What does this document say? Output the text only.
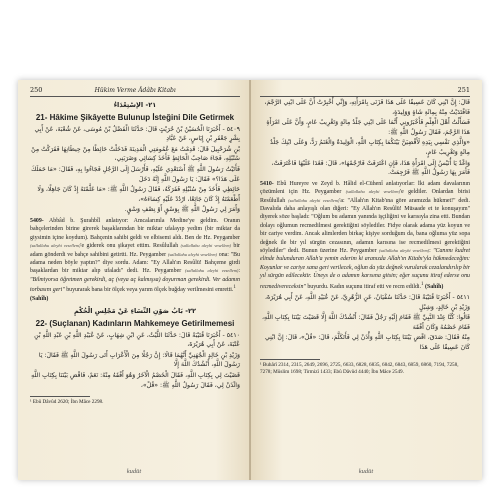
250	Hükim Verme Âdâbı Kitabı
٢١- الإسْتِعْدَاءُ
21- Hâkime Şikâyette Bulunup İsteğini Dile Getirmek
٥٤٠٩ - أَخْبَرَنَا الْحُسَيْنُ بْنُ حُرَيْثٍ قَالَ: حَدَّثَنَا الْفَضْلُ بْنُ مُوسَى، عَنْ شُعْبَةَ، عَنْ أَبِي بِشْرٍ جَعْفَرِ بْنِ إِيَاسٍ، عَنْ عَبَّادِ
بْنِ شُرَحْبِيلَ قَالَ: قَدِمْتُ مَعَ عُمُومَتِي الْمَدِينَةَ فَدَخَلْتُ حَائِطًا مِنْ حِيطَانِهَا فَفَرَكْتُ مِنْ سُنْبُلِهِ، فَجَاءَ صَاحِبُ الْحَائِطِ فَأَخَذَ كِسَائِي وَضَرَبَنِي،
فَأَتَيْتُ رَسُولَ اللَّهِ ﷺ أَسْتَعْدِي عَلَيْهِ، فَأَرْسَلَ إِلَى الرَّجُلِ فَجَاءُوا بِهِ، فَقَالَ: «مَا حَمَلَكَ عَلَى هَذَا؟» فَقَالَ: يَا رَسُولَ اللَّهِ إِنَّهُ دَخَلَ
حَائِطِي فَأَخَذَ مِنْ سُنْبُلِهِ فَفَرَكَهُ، فَقَالَ رَسُولُ اللَّهِ ﷺ: «مَا عَلَّمْتَهُ إِذْ كَانَ جَاهِلًا، وَلَا أَطْعَمْتَهُ إِذْ كَانَ جَائِعًا، ارْدُدْ عَلَيْهِ كِسَاءَهُ»،
وَأَمَرَ لِي رَسُولُ اللَّهِ ﷺ بِوَسْقٍ أَوْ نِصْفِ وَسْقٍ.

5409- Abbâd b. Şurahbîl anlatıyor: Amcalarımla Medine'ye geldim. Oranın bahçelerinden birine girerek başaklarından bir miktar ufalayıp yedim (bir miktar da giysimin içine koydum). Bahçenin sahibi geldi ve elbisemi aldı. Ben de Hz. Peygamber (sallallahu aleyhi vesellem)'e giderek onu şikayet ettim. Resûlullah (sallallahu aleyhi vesellem) bir adam gönderdi ve bahçe sahibini getirtti. Hz. Peygamber (sallallahu aleyhi vesellem) ona: "Bu adama neden böyle yaptın?" diye sordu. Adam: "Ey Allah'ın Resûlü! Bahçeme girdi başaklardan bir miktar alıp ufaladı" dedi. Hz. Peygamber (sallallahu aleyhi vesellem): "Bilmiyorsa öğretmen gerekirdi, aç (veya aç kalmışsa) doyurman gerekirdi. Ver adamın torbasını geri" buyurarak bana bir ölçek veya yarım ölçek buğday verilmesini emretti.$^1$
(Sahîh)

٢٢- بَابُ صَوْنِ النِّسَاءِ عَنْ مَجْلِسِ الْحُكْمِ
22- (Suçlanan) Kadınların Mahkemeye Getirilmemesi
٥٤١٠ - أَخْبَرَنَا قُتَيْبَةُ قَالَ: حَدَّثَنَا اللَّيْثُ، عَنِ ابْنِ شِهَابٍ، عَنْ عُبَيْدِ اللَّهِ بْنِ عَبْدِ اللَّهِ بْنِ عُتْبَةَ، عَنْ أَبِي هُرَيْرَةَ،
وَزَيْدِ بْنِ خَالِدٍ الْجُهَنِيِّ أَنَّهُمَا قَالَا: إِنَّ رَجُلًا مِنَ الْأَعْرَابِ أَتَى رَسُولَ اللَّهِ ﷺ فَقَالَ: يَا رَسُولَ اللَّهِ، أَنْشُدُكَ اللَّهَ إِلَّا
قَضَيْتَ لِي بِكِتَابِ اللَّهِ، فَقَالَ الْخَصْمُ الْآخَرُ وَهُوَ أَفْقَهُ مِنْهُ: نَعَمْ، فَاقْضِ بَيْنَنَا بِكِتَابِ اللَّهِ وَائْذَنْ لِي، فَقَالَ رَسُولُ اللَّهِ ﷺ: «قُلْ»،
¹ Ebû Dâvûd 2620; İbn Mâce 2298.
kudüt
251
قَالَ: إِنَّ ابْنِي كَانَ عَسِيفًا عَلَى هَذَا فَزَنَى بِامْرَأَتِهِ، وَإِنِّي أُخْبِرْتُ أَنَّ عَلَى ابْنِي الرَّجْمَ، فَافْتَدَيْتُ مِنْهُ بِمِائَةِ شَاةٍ وَوَلِيدَةٍ،
فَسَأَلْتُ أَهْلَ الْعِلْمِ فَأَخْبَرُونِي أَنَّمَا عَلَى ابْنِي جَلْدُ مِائَةٍ وَتَغْرِيبُ عَامٍ، وَأَنَّ عَلَى امْرَأَةِ هَذَا الرَّجْمَ، فَقَالَ رَسُولُ اللَّهِ ﷺ:
«وَالَّذِي نَفْسِي بِيَدِهِ لَأَقْضِيَنَّ بَيْنَكُمَا بِكِتَابِ اللَّهِ، الْوَلِيدَةُ وَالْغَنَمُ رَدٌّ، وَعَلَى ابْنِكَ جَلْدُ مِائَةٍ وَتَغْرِيبُ عَامٍ،
وَاغْدُ يَا أُنَيْسُ إِلَى امْرَأَةِ هَذَا، فَإِنِ اعْتَرَفَتْ فَارْجُمْهَا»، قَالَ: فَغَدَا عَلَيْهَا فَاعْتَرَفَتْ، فَأَمَرَ بِهَا رَسُولُ اللَّهِ ﷺ فَرُجِمَتْ.

5410- Ebû Hureyre ve Zeyd b. Hâlid el-Cühenî anlatıyorlar: İki adam davalarının çözümleni için Hz. Peygamber (sallallahu aleyhi vesellem)'e geldiler. Onlardan birisi Resûlullah (sallallahu aleyhi vesellem)'a: "Allah'ın Kitab'ına göre aramızda hükmet!" dedi. Davalıda daha anlayışlı olan diğeri: "Ey Allah'ın Resûlü! Müsaade et te konuşayım" diyerek söze başladı: "Oğlum bu adamın yanında işçiliğini ve karısıyla zina etti. Bundan dolayı oğlumun recmedilmesi gerektiğini söylediler. Fidye olarak adama yüz koyun ve bir cariye verdim. Ancak alimlerden birkaç kişiye sorduğum da, bana oğluma yüz sopa değnek ile bir yıl sürgün cezasının, adamın karısına ise recmedilmesi gerektiğini söylediler" dedi. Bunun üzerine Hz. Peygamber (sallallahu aleyhi vesellem): "Canımı kudret elinde bulunduran Allah'a yemin ederim ki aranızda Allah'ın Kitabı'yla hükmedeceğim: Koyunlar ve cariye sana geri verilecek, oğlun da yüz değnek vurularak cezalandırılıp bir yıl sürgün edilecektir. Üneys de o adamın karısına gitsin; eğer suçunu itiraf ederse onu recmedivereceksin" buyurdu. Kadın suçunu itiraf etti ve recm edildi.$^1$ (Sahîh)

٥٤١١ - أَخْبَرَنَا قُتَيْبَةُ قَالَ: حَدَّثَنَا سُفْيَانُ، عَنِ الزُّهْرِيِّ، عَنْ عُبَيْدِ اللَّهِ، عَنْ أَبِي هُرَيْرَةَ، وَزَيْدِ بْنِ خَالِدٍ، وَشِبْلٍ
قَالُوا: كُنَّا عِنْدَ النَّبِيِّ ﷺ فَقَامَ إِلَيْهِ رَجُلٌ فَقَالَ: أَنْشُدُكَ اللَّهَ إِلَّا قَضَيْتَ بَيْنَنَا بِكِتَابِ اللَّهِ، فَقَامَ خَصْمُهُ وَكَانَ أَفْقَهَ
مِنْهُ فَقَالَ: صَدَقَ، اقْضِ بَيْنَنَا بِكِتَابِ اللَّهِ وَأْذَنْ لِي فَأَتَكَلَّمَ، قَالَ: «قُلْ»، قَالَ: إِنَّ ابْنِي كَانَ عَسِيفًا عَلَى هَذَا
¹ Buhârî 2314, 2315, 2649, 2696, 2725, 6633, 6828, 6835, 6842, 6843, 6859, 6860, 7194, 7258, 7278; Müslim 1698; Tirmizî 1433; Ebû Dâvûd 4440; İbn Mâce 2549.
kudüt
